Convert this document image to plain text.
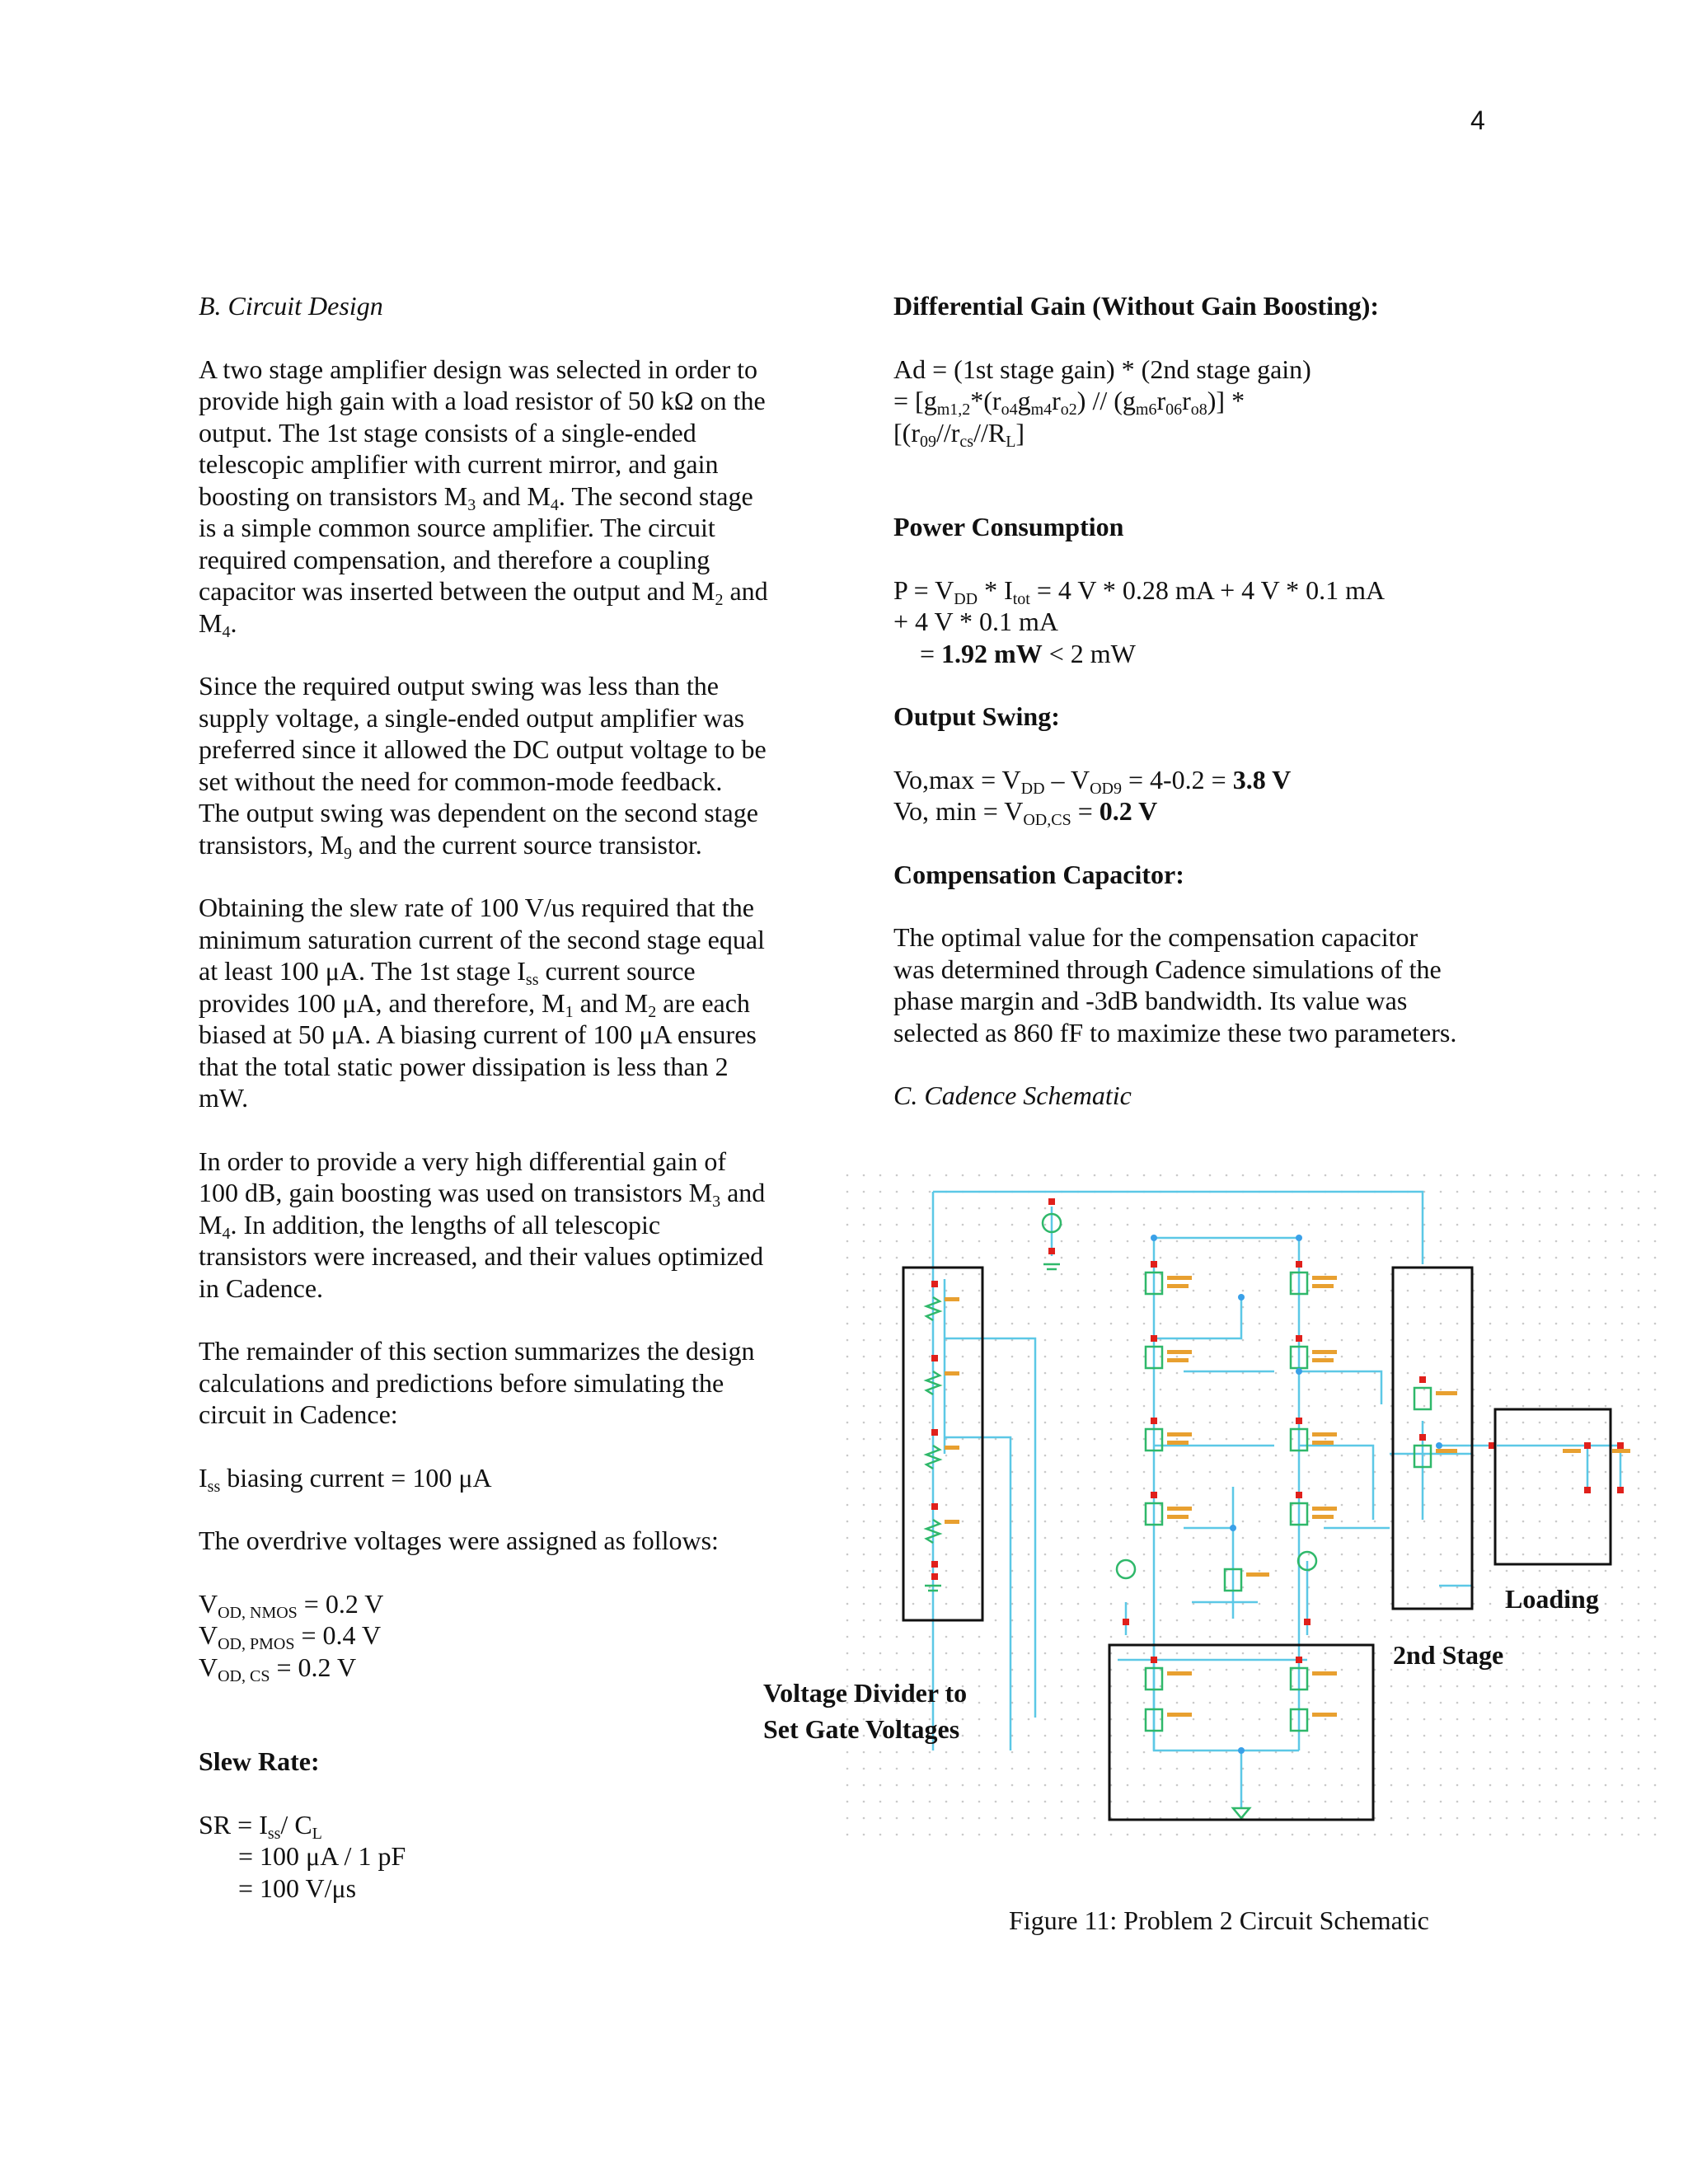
4

B. Circuit Design

A two stage amplifier design was selected in order to

provide high gain with a load resistor of 50 kΩ on the

output. The 1st stage consists of a single-ended

telescopic amplifier with current mirror, and gain

boosting on transistors $M_3$ and $M_4$. The second stage

is a simple common source amplifier. The circuit

required compensation, and therefore a coupling

capacitor was inserted between the output and $M_2$ and

$M_4$.

Since the required output swing was less than the

supply voltage, a single-ended output amplifier was

preferred since it allowed the DC output voltage to be

set without the need for common-mode feedback.

The output swing was dependent on the second stage

transistors, $M_9$ and the current source transistor.

Obtaining the slew rate of 100 V/us required that the

minimum saturation current of the second stage equal

at least 100 μA. The 1st stage $I_{ss}$ current source

provides 100 μA, and therefore, $M_1$ and $M_2$ are each

biased at 50 μA. A biasing current of 100 μA ensures

that the total static power dissipation is less than 2

mW.

In order to provide a very high differential gain of

100 dB, gain boosting was used on transistors $M_3$ and

$M_4$. In addition, the lengths of all telescopic

transistors were increased, and their values optimized

in Cadence.

The remainder of this section summarizes the design

calculations and predictions before simulating the

circuit in Cadence:

$I_{ss}$ biasing current = 100 μA

The overdrive voltages were assigned as follows:

$V_{OD, NMOS} = 0.2$ V

$V_{OD, PMOS} = 0.4$ V

$V_{OD, CS} = 0.2$ V

Slew Rate:

SR = $I_{ss}/$ $C_L$

= 100 μA / 1 pF

= 100 V/μs

Differential Gain (Without Gain Boosting):

Ad = (1st stage gain) * (2nd stage gain)

= $[g_{m1,2}*(r_{o4}g_{m4}r_{o2}) // (g_{m6}r_{06}r_{o8})]$ *

[$(r_{09}//r_{cs}//R_L]$

Power Consumption

$P = V_{DD} * I_{tot} = 4$ V * 0.28 mA + 4 V * 0.1 mA

+ 4 V * 0.1 mA

= 1.92 mW < 2 mW

Output Swing:

$Vo,\max = V_{DD} - V_{OD9} = 4-0.2 = 3.8$ V

Vo, $\min = V_{OD,CS} = 0.2$ V

Compensation Capacitor:

The optimal value for the compensation capacitor

was determined through Cadence simulations of the

phase margin and -3dB bandwidth. Its value was

selected as 860 fF to maximize these two parameters.

C. Cadence Schematic

Voltage Divider to
Set Gate Voltages
2nd Stage
Loading
Figure 11: Problem 2 Circuit Schematic
